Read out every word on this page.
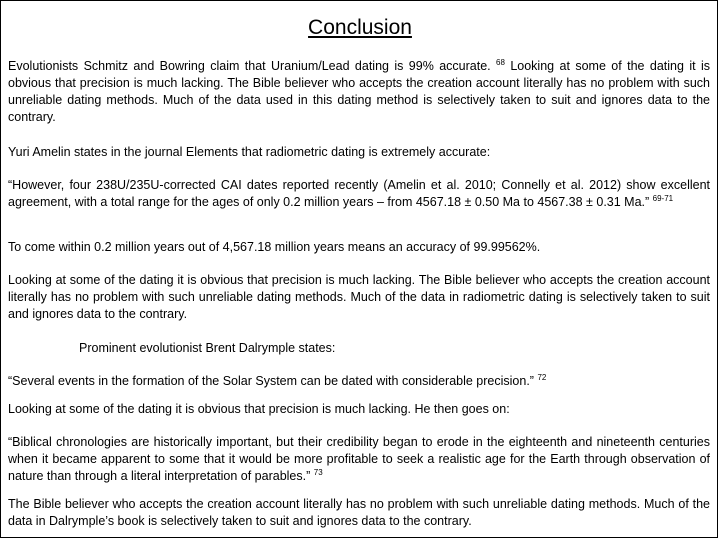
Conclusion

Evolutionists Schmitz and Bowring claim that Uranium/Lead dating is 99% accurate. $^{68}$ Looking at some of the dating it is obvious that precision is much lacking. The Bible believer who accepts the creation account literally has no problem with such unreliable dating methods. Much of the data used in this dating method is selectively taken to suit and ignores data to the contrary.

Yuri Amelin states in the journal Elements that radiometric dating is extremely accurate:

“However, four 238U/235U-corrected CAI dates reported recently (Amelin et al. 2010; Connelly et al. 2012) show excellent agreement, with a total range for the ages of only 0.2 million years – from 4567.18 ± 0.50 Ma to 4567.38 ± 0.31 Ma.” $^{69-71}$

To come within 0.2 million years out of 4,567.18 million years means an accuracy of 99.99562%.

Looking at some of the dating it is obvious that precision is much lacking. The Bible believer who accepts the creation account literally has no problem with such unreliable dating methods. Much of the data in radiometric dating is selectively taken to suit and ignores data to the contrary.

Prominent evolutionist Brent Dalrymple states:

“Several events in the formation of the Solar System can be dated with considerable precision.” $^{72}$

Looking at some of the dating it is obvious that precision is much lacking. He then goes on:

“Biblical chronologies are historically important, but their credibility began to erode in the eighteenth and nineteenth centuries when it became apparent to some that it would be more profitable to seek a realistic age for the Earth through observation of nature than through a literal interpretation of parables.” $^{73}$

The Bible believer who accepts the creation account literally has no problem with such unreliable dating methods. Much of the data in Dalrymple’s book is selectively taken to suit and ignores data to the contrary.
